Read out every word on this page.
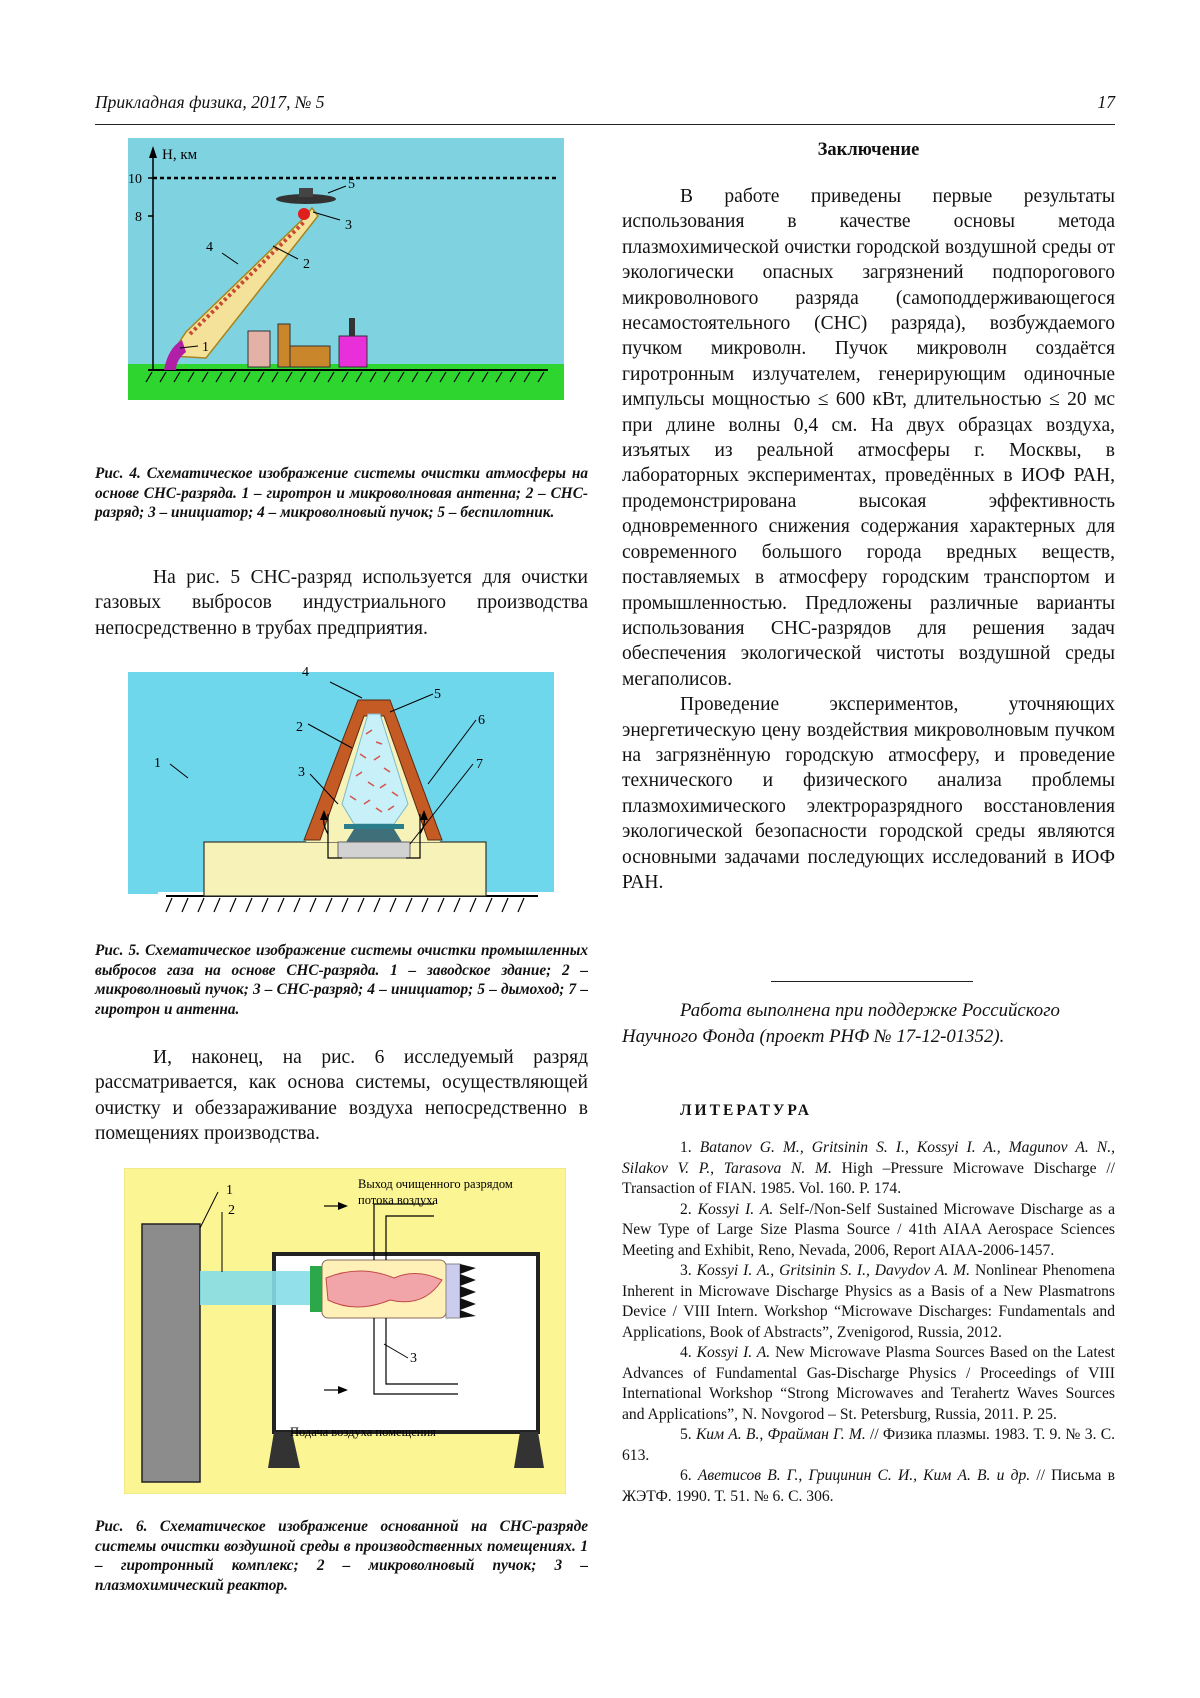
Прикладная физика, 2017, № 5	17
H, км
10
8
1
2
3
4
5
Рис. 4. Схематическое изображение системы очистки атмосферы на основе СНС-разряда. 1 – гиротрон и микроволновая антенна; 2 – СНС-разряд; 3 – инициатор; 4 – микроволновый пучок; 5 – беспилотник.

На рис. 5 СНС-разряд используется для очистки газовых выбросов индустриального производства непосредственно в трубах предприятия.

1
2
4
5
6
7
3
Рис. 5. Схематическое изображение системы очистки промышленных выбросов газа на основе СНС-разряда. 1 – заводское здание; 2 – микроволновый пучок; 3 – СНС-разряд; 4 – инициатор; 5 – дымоход; 7 – гиротрон и антенна.

И, наконец, на рис. 6 исследуемый разряд рассматривается, как основа системы, осуществляющей очистку и обеззараживание воздуха непосредственно в помещениях производства.

1
2
3
Выход очищенного разрядом
потока воздуха
Подача воздуха помещения
Рис. 6. Схематическое изображение основанной на СНС-разряде системы очистки воздушной среды в производственных помещениях. 1 – гиротронный комплекс; 2 – микроволновый пучок; 3 – плазмохимический реактор.
Заключение

В работе приведены первые результаты использования в качестве основы метода плазмохимической очистки городской воздушной среды от экологически опасных загрязнений подпорогового микроволнового разряда (самоподдерживающегося несамостоятельного (СНС) разряда), возбуждаемого пучком микроволн. Пучок микроволн создаётся гиротронным излучателем, генерирующим одиночные импульсы мощностью ≤ 600 кВт, длительностью ≤ 20 мс при длине волны 0,4 см. На двух образцах воздуха, изъятых из реальной атмосферы г. Москвы, в лабораторных экспериментах, проведённых в ИОФ РАН, продемонстрирована высокая эффективность одновременного снижения содержания характерных для современного большого города вредных веществ, поставляемых в атмосферу городским транспортом и промышленностью. Предложены различные варианты использования СНС-разрядов для решения задач обеспечения экологической чистоты воздушной среды мегаполисов.

Проведение экспериментов, уточняющих энергетическую цену воздействия микроволновым пучком на загрязнённую городскую атмосферу, и проведение технического и физического анализа проблемы плазмохимического электроразрядного восстановления экологической безопасности городской среды являются основными задачами последующих исследований в ИОФ РАН.

Работа выполнена при поддержке Российского Научного Фонда (проект РНФ № 17-12-01352).
ЛИТЕРАТУРА

1. Batanov G. M., Gritsinin S. I., Kossyi I. A., Magunov A. N., Silakov V. P., Tarasova N. M. High –Pressure Microwave Discharge // Transaction of FIAN. 1985. Vol. 160. P. 174.

2. Kossyi I. A. Self-/Non-Self Sustained Microwave Discharge as a New Type of Large Size Plasma Source / 41th AIAA Aerospace Sciences Meeting and Exhibit, Reno, Nevada, 2006, Report AIAA-2006-1457.

3. Kossyi I. A., Gritsinin S. I., Davydov A. M. Nonlinear Phenomena Inherent in Microwave Discharge Physics as a Basis of a New Plasmatrons Device / VIII Intern. Workshop “Microwave Discharges: Fundamentals and Applications, Book of Abstracts”, Zvenigorod, Russia, 2012.

4. Kossyi I. A. New Microwave Plasma Sources Based on the Latest Advances of Fundamental Gas-Discharge Physics / Proceedings of VIII International Workshop “Strong Microwaves and Terahertz Waves Sources and Applications”, N. Novgorod – St. Petersburg, Russia, 2011. P. 25.

5. Ким А. В., Фрайман Г. М. // Физика плазмы. 1983. Т. 9. № 3. С. 613.

6. Аветисов В. Г., Грицинин С. И., Ким А. В. и др. // Письма в ЖЭТФ. 1990. Т. 51. № 6. С. 306.
